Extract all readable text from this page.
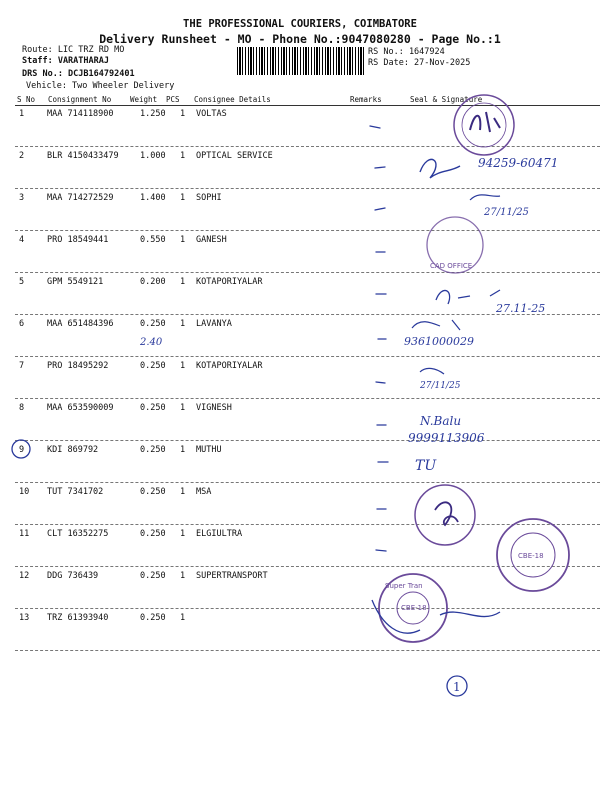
THE PROFESSIONAL COURIERS, COIMBATORE
Delivery Runsheet - MO - Phone No.:9047080280 - Page No.:1
Route: LIC TRZ RD MO
Staff: VARATHARAJ
DRS No.: DCJB164792401
Vehicle: Two Wheeler Delivery
RS No.: 1647924
RS Date: 27-Nov-2025
S No Consignment No	Weight PCS Consignee Details	Remarks	Seal & Signature
1	MAA 714118900	1.250 1 VOLTAS
2	BLR 4150433479	1.000 1 OPTICAL SERVICE
3	MAA 714272529	1.400 1 SOPHI
4	PRO 18549441	0.550 1 GANESH
5	GPM 5549121	0.200 1 KOTAPORIYALAR
6	MAA 651484396	0.250 1 LAVANYA
7	PRO 18495292	0.250 1 KOTAPORIYALAR
8	MAA 653590009	0.250 1 VIGNESH
9	KDI 869792	0.250 1 MUTHU
10 TUT 7341702	0.250 1 MSA
11 CLT 16352275	0.250 1 ELGIULTRA
12 DDG 736439	0.250 1 SUPERTRANSPORT
13 TRZ 61393940	0.250 1
94259-60471
27/11/25
CAD OFFICE
27.11-25
9361000029
2.40
27/11/25
N.Balu
9999113906
TU
CBE-18
CBE-18
Super Tran
1
